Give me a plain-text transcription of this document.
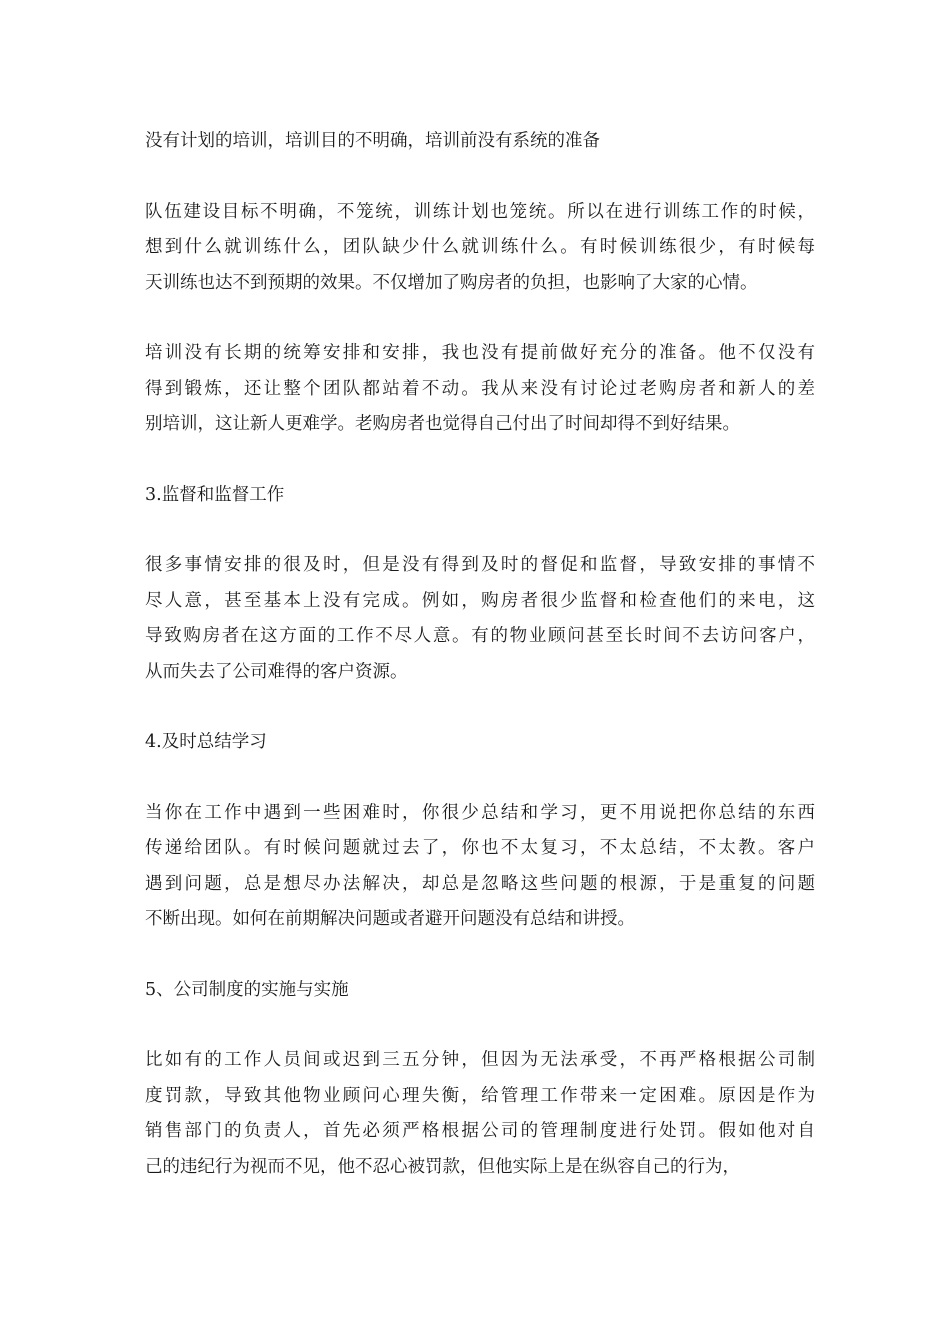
没有计划的培训，培训目的不明确，培训前没有系统的准备

队伍建设目标不明确，不笼统，训练计划也笼统。所以在进行训练工作的时候，
想到什么就训练什么，团队缺少什么就训练什么。有时候训练很少，有时候每
天训练也达不到预期的效果。不仅增加了购房者的负担，也影响了大家的心情。

培训没有长期的统筹安排和安排，我也没有提前做好充分的准备。他不仅没有
得到锻炼，还让整个团队都站着不动。我从来没有讨论过老购房者和新人的差
别培训，这让新人更难学。老购房者也觉得自己付出了时间却得不到好结果。

3.监督和监督工作

很多事情安排的很及时，但是没有得到及时的督促和监督，导致安排的事情不
尽人意，甚至基本上没有完成。例如，购房者很少监督和检查他们的来电，这
导致购房者在这方面的工作不尽人意。有的物业顾问甚至长时间不去访问客户，
从而失去了公司难得的客户资源。

4.及时总结学习

当你在工作中遇到一些困难时，你很少总结和学习，更不用说把你总结的东西
传递给团队。有时候问题就过去了，你也不太复习，不太总结，不太教。客户
遇到问题，总是想尽办法解决，却总是忽略这些问题的根源，于是重复的问题
不断出现。如何在前期解决问题或者避开问题没有总结和讲授。

5、公司制度的实施与实施

比如有的工作人员间或迟到三五分钟，但因为无法承受，不再严格根据公司制
度罚款，导致其他物业顾问心理失衡，给管理工作带来一定困难。原因是作为
销售部门的负责人，首先必须严格根据公司的管理制度进行处罚。假如他对自
己的违纪行为视而不见，他不忍心被罚款，但他实际上是在纵容自己的行为，
